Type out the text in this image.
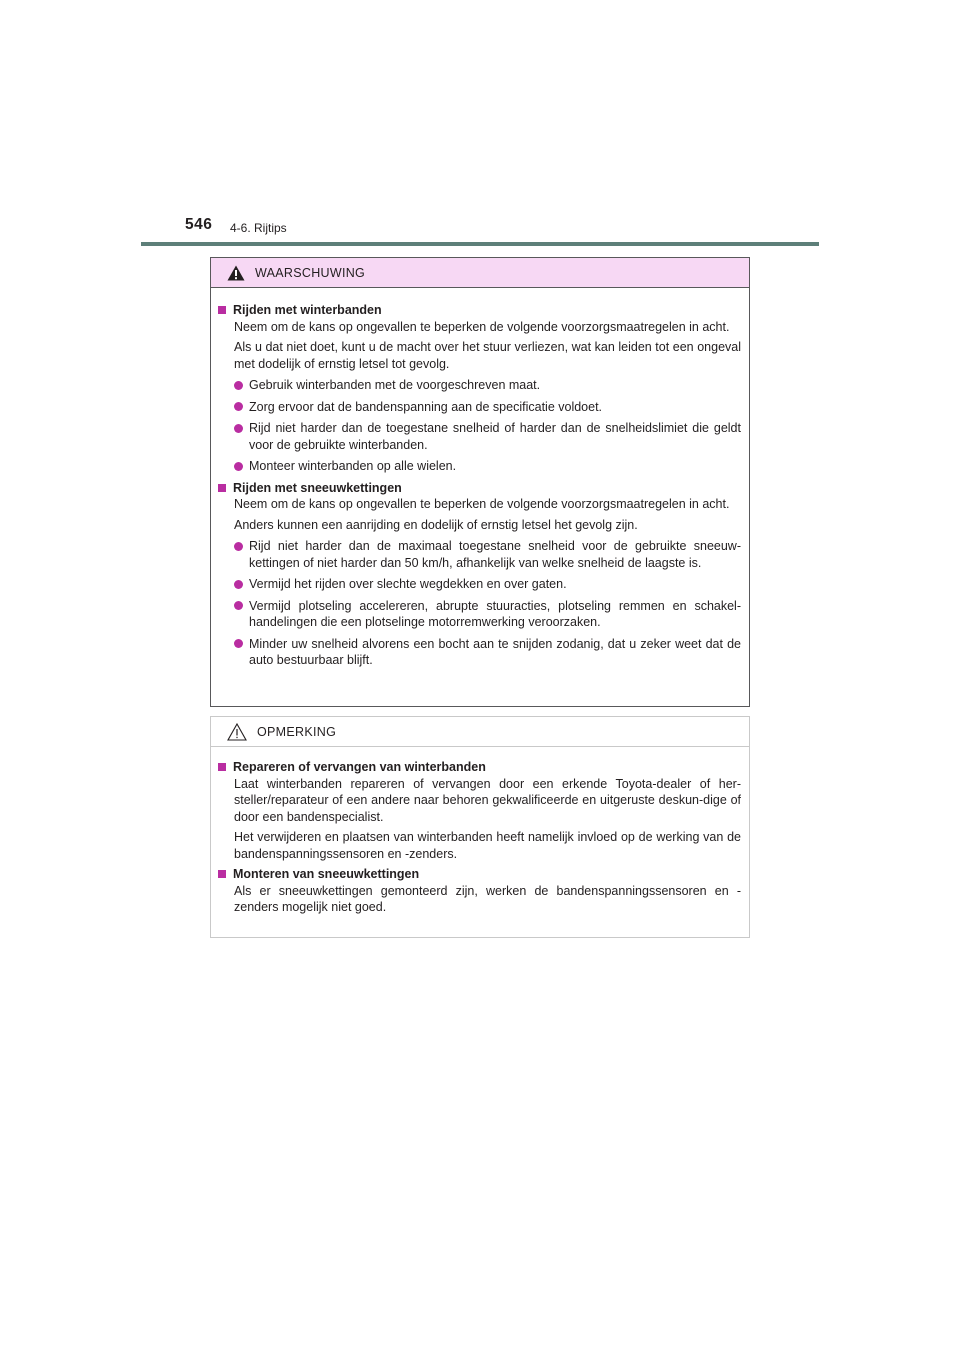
546 4-6. Rijtips
WAARSCHUWING
Rijden met winterbanden
Neem om de kans op ongevallen te beperken de volgende voorzorgsmaatregelen in acht.
Als u dat niet doet, kunt u de macht over het stuur verliezen, wat kan leiden tot een ongeval met dodelijk of ernstig letsel tot gevolg.
Gebruik winterbanden met de voorgeschreven maat.
Zorg ervoor dat de bandenspanning aan de specificatie voldoet.
Rijd niet harder dan de toegestane snelheid of harder dan de snelheidslimiet die geldt voor de gebruikte winterbanden.
Monteer winterbanden op alle wielen.
Rijden met sneeuwkettingen
Neem om de kans op ongevallen te beperken de volgende voorzorgsmaatregelen in acht.
Anders kunnen een aanrijding en dodelijk of ernstig letsel het gevolg zijn.
Rijd niet harder dan de maximaal toegestane snelheid voor de gebruikte sneeuw-kettingen of niet harder dan 50 km/h, afhankelijk van welke snelheid de laagste is.
Vermijd het rijden over slechte wegdekken en over gaten.
Vermijd plotseling accelereren, abrupte stuuracties, plotseling remmen en schakel-handelingen die een plotselinge motorremwerking veroorzaken.
Minder uw snelheid alvorens een bocht aan te snijden zodanig, dat u zeker weet dat de auto bestuurbaar blijft.
OPMERKING
Repareren of vervangen van winterbanden
Laat winterbanden repareren of vervangen door een erkende Toyota-dealer of her-steller/reparateur of een andere naar behoren gekwalificeerde en uitgeruste deskun-dige of door een bandenspecialist.
Het verwijderen en plaatsen van winterbanden heeft namelijk invloed op de werking van de bandenspanningssensoren en -zenders.
Monteren van sneeuwkettingen
Als er sneeuwkettingen gemonteerd zijn, werken de bandenspanningssensoren en -zenders mogelijk niet goed.
